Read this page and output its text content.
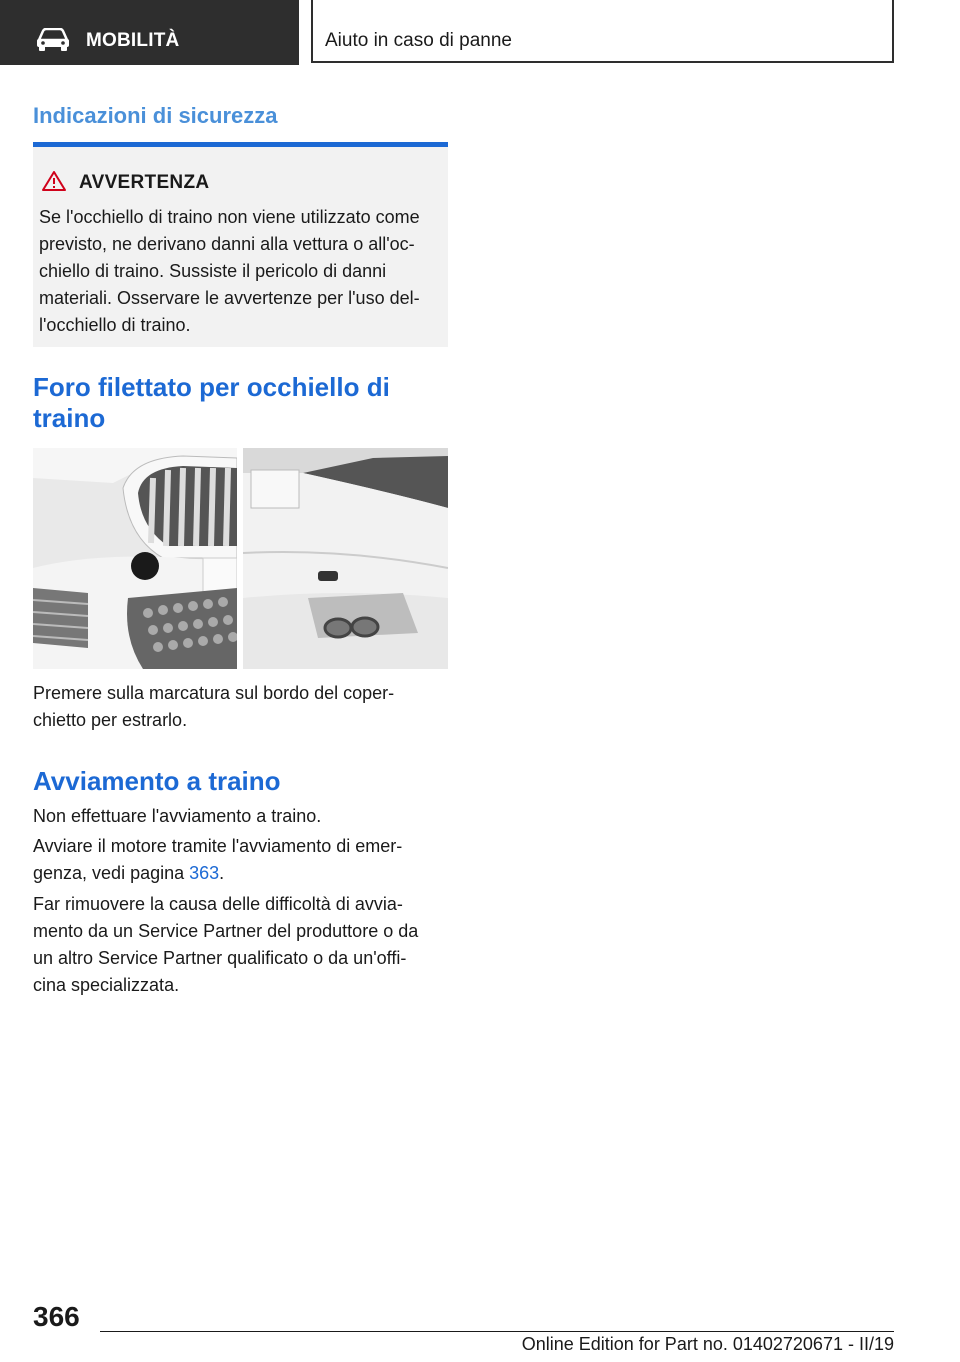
MOBILITÀ	Aiuto in caso di panne
Indicazioni di sicurezza
AVVERTENZA
Se l'occhiello di traino non viene utilizzato come
previsto, ne derivano danni alla vettura o all'oc-
chiello di traino. Sussiste il pericolo di danni
materiali. Osservare le avvertenze per l'uso del-
l'occhiello di traino.
Foro filettato per occhiello di
traino
Premere sulla marcatura sul bordo del coper-
chietto per estrarlo.
Avviamento a traino
Non effettuare l'avviamento a traino.
Avviare il motore tramite l'avviamento di emer-
genza, vedi pagina 363.
Far rimuovere la causa delle difficoltà di avvia-
mento da un Service Partner del produttore o da
un altro Service Partner qualificato o da un'offi-
cina specializzata.
366
Online Edition for Part no. 01402720671 - II/19
